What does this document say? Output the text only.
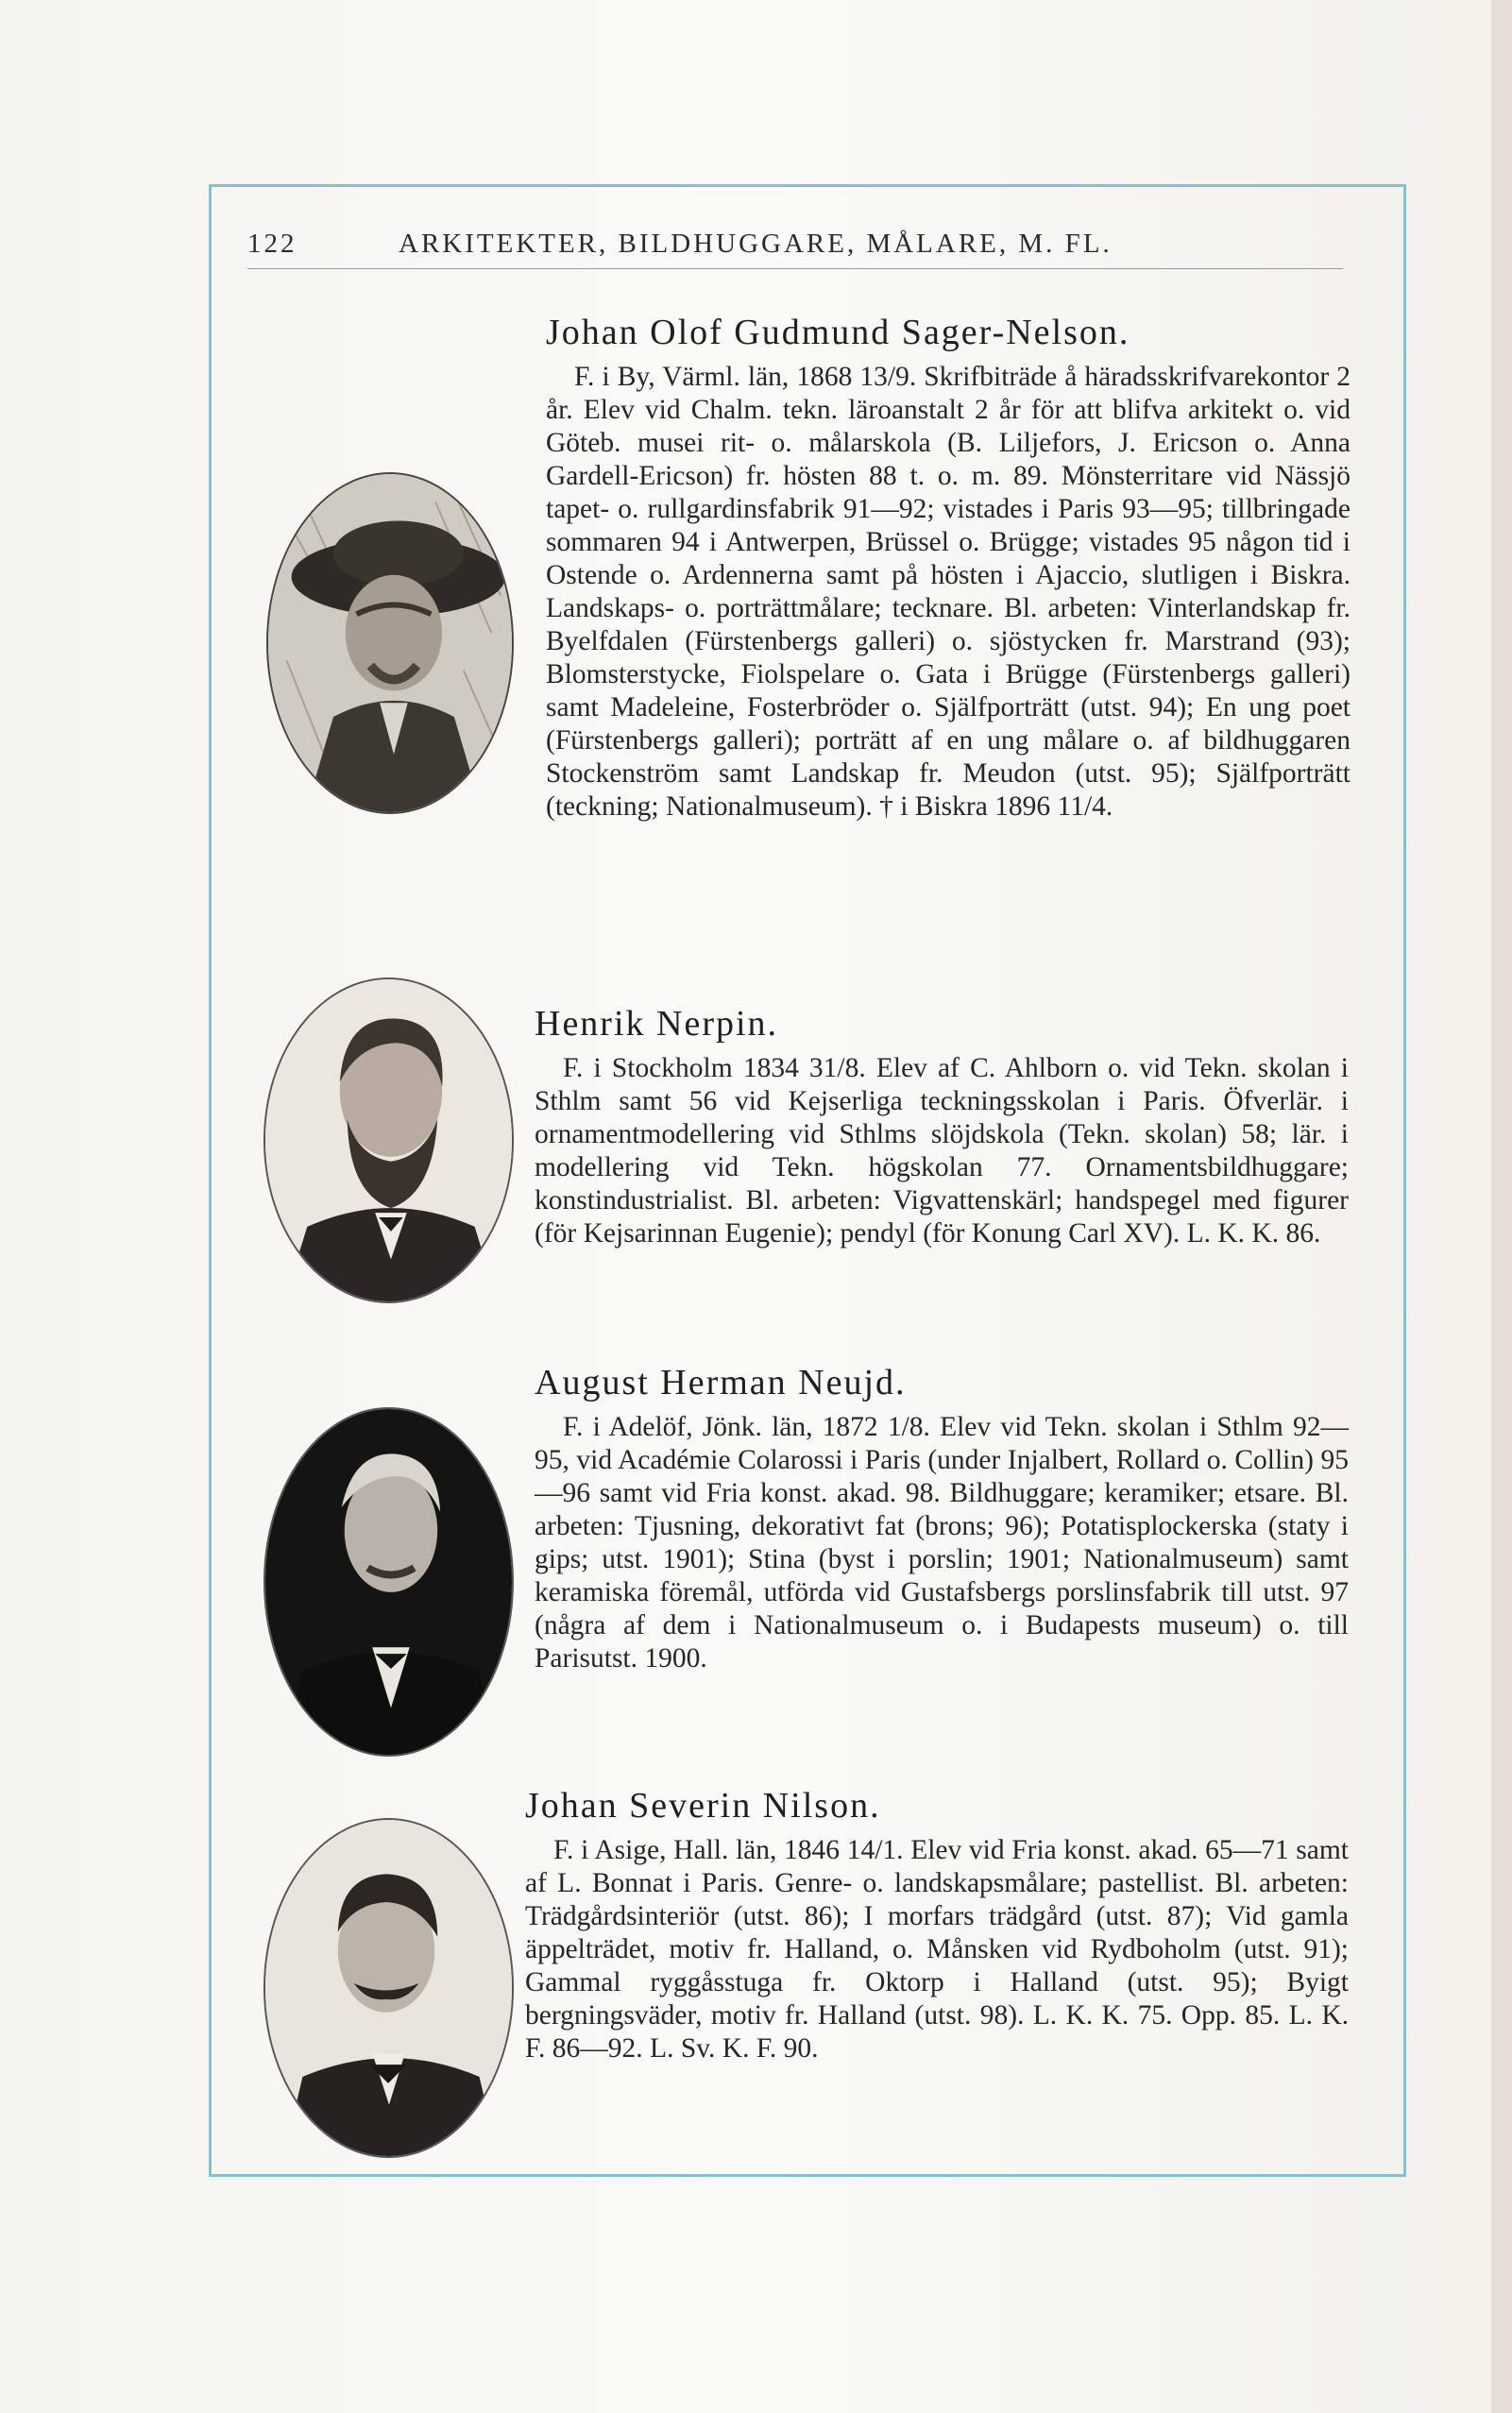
122	ARKITEKTER, BILDHUGGARE, MÅLARE, M. FL.
Johan Olof Gudmund Sager-Nelson.
F. i By, Värml. län, 1868 13/9. Skrifbiträde å häradsskrifvarekontor 2 år. Elev vid Chalm. tekn. läroanstalt 2 år för att blifva arkitekt o. vid Göteb. musei rit- o. målarskola (B. Liljefors, J. Ericson o. Anna Gardell-Ericson) fr. hösten 88 t. o. m. 89. Mönsterritare vid Nässjö tapet- o. rullgardinsfabrik 91—92; vistades i Paris 93—95; tillbringade sommaren 94 i Antwerpen, Brüssel o. Brügge; vistades 95 någon tid i Ostende o. Ardennerna samt på hösten i Ajaccio, slutligen i Biskra. Landskaps- o. porträttmålare; tecknare. Bl. arbeten: Vinterlandskap fr. Byelfdalen (Fürstenbergs galleri) o. sjöstycken fr. Marstrand (93); Blomsterstycke, Fiolspelare o. Gata i Brügge (Fürstenbergs galleri) samt Madeleine, Fosterbröder o. Själfporträtt (utst. 94); En ung poet (Fürstenbergs galleri); porträtt af en ung målare o. af bildhuggaren Stockenström samt Landskap fr. Meudon (utst. 95); Själfporträtt (teckning; Nationalmuseum). † i Biskra 1896 11/4.
Henrik Nerpin.
F. i Stockholm 1834 31/8. Elev af C. Ahlborn o. vid Tekn. skolan i Sthlm samt 56 vid Kejserliga teckningsskolan i Paris. Öfverlär. i ornamentmodellering vid Sthlms slöjdskola (Tekn. skolan) 58; lär. i modellering vid Tekn. högskolan 77. Ornamentsbildhuggare; konstindustrialist. Bl. arbeten: Vigvattenskärl; handspegel med figurer (för Kejsarinnan Eugenie); pendyl (för Konung Carl XV). L. K. K. 86.
August Herman Neujd.
F. i Adelöf, Jönk. län, 1872 1/8. Elev vid Tekn. skolan i Sthlm 92—95, vid Académie Colarossi i Paris (under Injalbert, Rollard o. Collin) 95—96 samt vid Fria konst. akad. 98. Bildhuggare; keramiker; etsare. Bl. arbeten: Tjusning, dekorativt fat (brons; 96); Potatisplockerska (staty i gips; utst. 1901); Stina (byst i porslin; 1901; Nationalmuseum) samt keramiska föremål, utförda vid Gustafsbergs porslinsfabrik till utst. 97 (några af dem i Nationalmuseum o. i Budapests museum) o. till Parisutst. 1900.
Johan Severin Nilson.
F. i Asige, Hall. län, 1846 14/1. Elev vid Fria konst. akad. 65—71 samt af L. Bonnat i Paris. Genre- o. landskapsmålare; pastellist. Bl. arbeten: Trädgårdsinteriör (utst. 86); I morfars trädgård (utst. 87); Vid gamla äppelträdet, motiv fr. Halland, o. Månsken vid Rydboholm (utst. 91); Gammal ryggåsstuga fr. Oktorp i Halland (utst. 95); Byigt bergningsväder, motiv fr. Halland (utst. 98). L. K. K. 75. Opp. 85. L. K. F. 86—92. L. Sv. K. F. 90.
